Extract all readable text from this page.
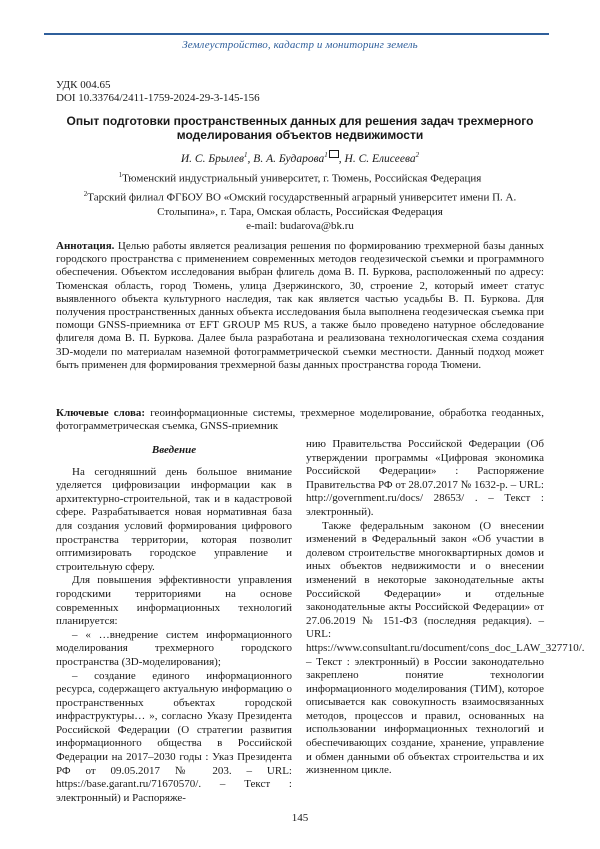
Землеустройство, кадастр и мониторинг земель
УДК 004.65
DOI 10.33764/2411-1759-2024-29-3-145-156
Опыт подготовки пространственных данных для решения задач трехмерного моделирования объектов недвижимости
И. С. Брылев$^1$, В. А. Бударова$^1$ , Н. С. Елисеева$^2$
$^1$Тюменский индустриальный университет, г. Тюмень, Российская Федерация
$^2$Тарский филиал ФГБОУ ВО «Омский государственный аграрный университет имени П. А. Столыпина», г. Тара, Омская область, Российская Федерация
e-mail: budarova@bk.ru
Аннотация. Целью работы является реализация решения по формированию трехмерной базы данных городского пространства с применением современных методов геодезической съемки и программного обеспечения. Объектом исследования выбран флигель дома В. П. Буркова, расположенный по адресу: Тюменская область, город Тюмень, улица Дзержинского, 30, строение 2, который имеет статус выявленного объекта культурного наследия, так как является частью усадьбы В. П. Буркова. Для получения пространственных данных объекта исследования была выполнена геодезическая съемка при помощи GNSS-приемника от EFT GROUP M5 RUS, а также было проведено натурное обследование флигеля дома В. П. Буркова. Далее была разработана и реализована технологическая схема создания 3D-модели по материалам наземной фотограмметрической съемки местности. Данный подход может быть применен для формирования трехмерной базы данных пространства города Тюмени.
Ключевые слова: геоинформационные системы, трехмерное моделирование, обработка геоданных, фотограмметрическая съемка, GNSS-приемник
Введение

На сегодняшний день большое внимание уделяется цифровизации информации как в архитектурно-строительной, так и в кадастровой сфере. Разрабатывается новая нормативная база для создания условий формирования цифрового пространства территории, которая позволит оптимизировать городское управление и строительную сферу.

Для повышения эффективности управления городскими территориями на основе современных информационных технологий планируется:

– « …внедрение систем информационного моделирования трехмерного городского пространства (3D-моделирования);

– создание единого информационного ресурса, содержащего актуальную информацию о пространственных объектах городской инфраструктуры… », согласно Указу Президента Российской Федерации (О стратегии развития информационного общества в Российской Федерации на 2017–2030 годы : Указ Президента РФ от 09.05.2017 № 203. – URL: https://base.garant.ru/71670570/. – Текст : электронный) и Распоряже-

нию Правительства Российской Федерации (Об утверждении программы «Цифровая экономика Российской Федерации» : Распоряжение Правительства РФ от 28.07.2017 № 1632-р. – URL: http://government.ru/docs/ 28653/ . – Текст : электронный).

Также федеральным законом (О внесении изменений в Федеральный закон «Об участии в долевом строительстве многоквартирных домов и иных объектов недвижимости и о внесении изменений в некоторые законодательные акты Российской Федерации» и отдельные законодательные акты Российской Федерации» от 27.06.2019 № 151-ФЗ (последняя редакция). – URL: https://www.consultant.ru/document/cons_doc_LAW_327710/. – Текст : электронный) в России законодательно закреплено понятие технологии информационного моделирования (ТИМ), которое описывается как совокупность взаимосвязанных методов, процессов и правил, основанных на использовании информационных технологий и обеспечивающих создание, хранение, управление и обмен данными об объектах строительства и их жизненном цикле.

145
